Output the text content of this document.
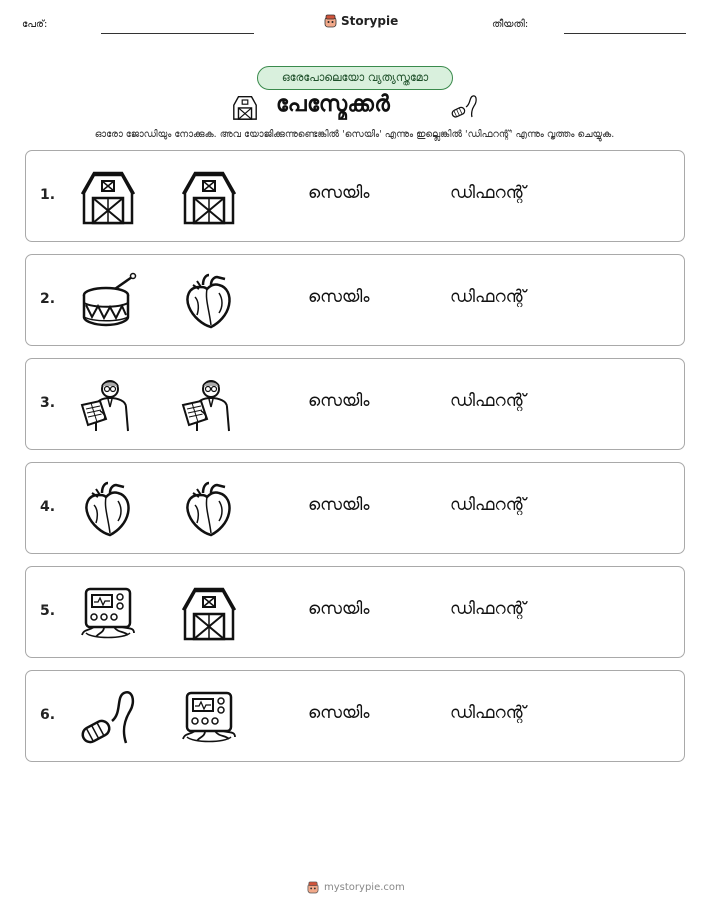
പേര്:	Storypie	തീയതി:
ഒരേപോലെയോ വ്യത്യസ്തമോ
പേസ്മേക്കർ
ഓരോ ജോഡിയും നോക്കുക. അവ യോജിക്കുന്നുണ്ടെങ്കിൽ 'സെയിം' എന്നും ഇല്ലെങ്കിൽ 'ഡിഫറന്റ്' എന്നും വൃത്തം ചെയ്യുക.
1.	സെയിം	ഡിഫറന്റ്
2.	സെയിം	ഡിഫറന്റ്
3.	സെയിം	ഡിഫറന്റ്
4.	സെയിം	ഡിഫറന്റ്
5.	സെയിം	ഡിഫറന്റ്
6.	സെയിം	ഡിഫറന്റ്
mystorypie.com
